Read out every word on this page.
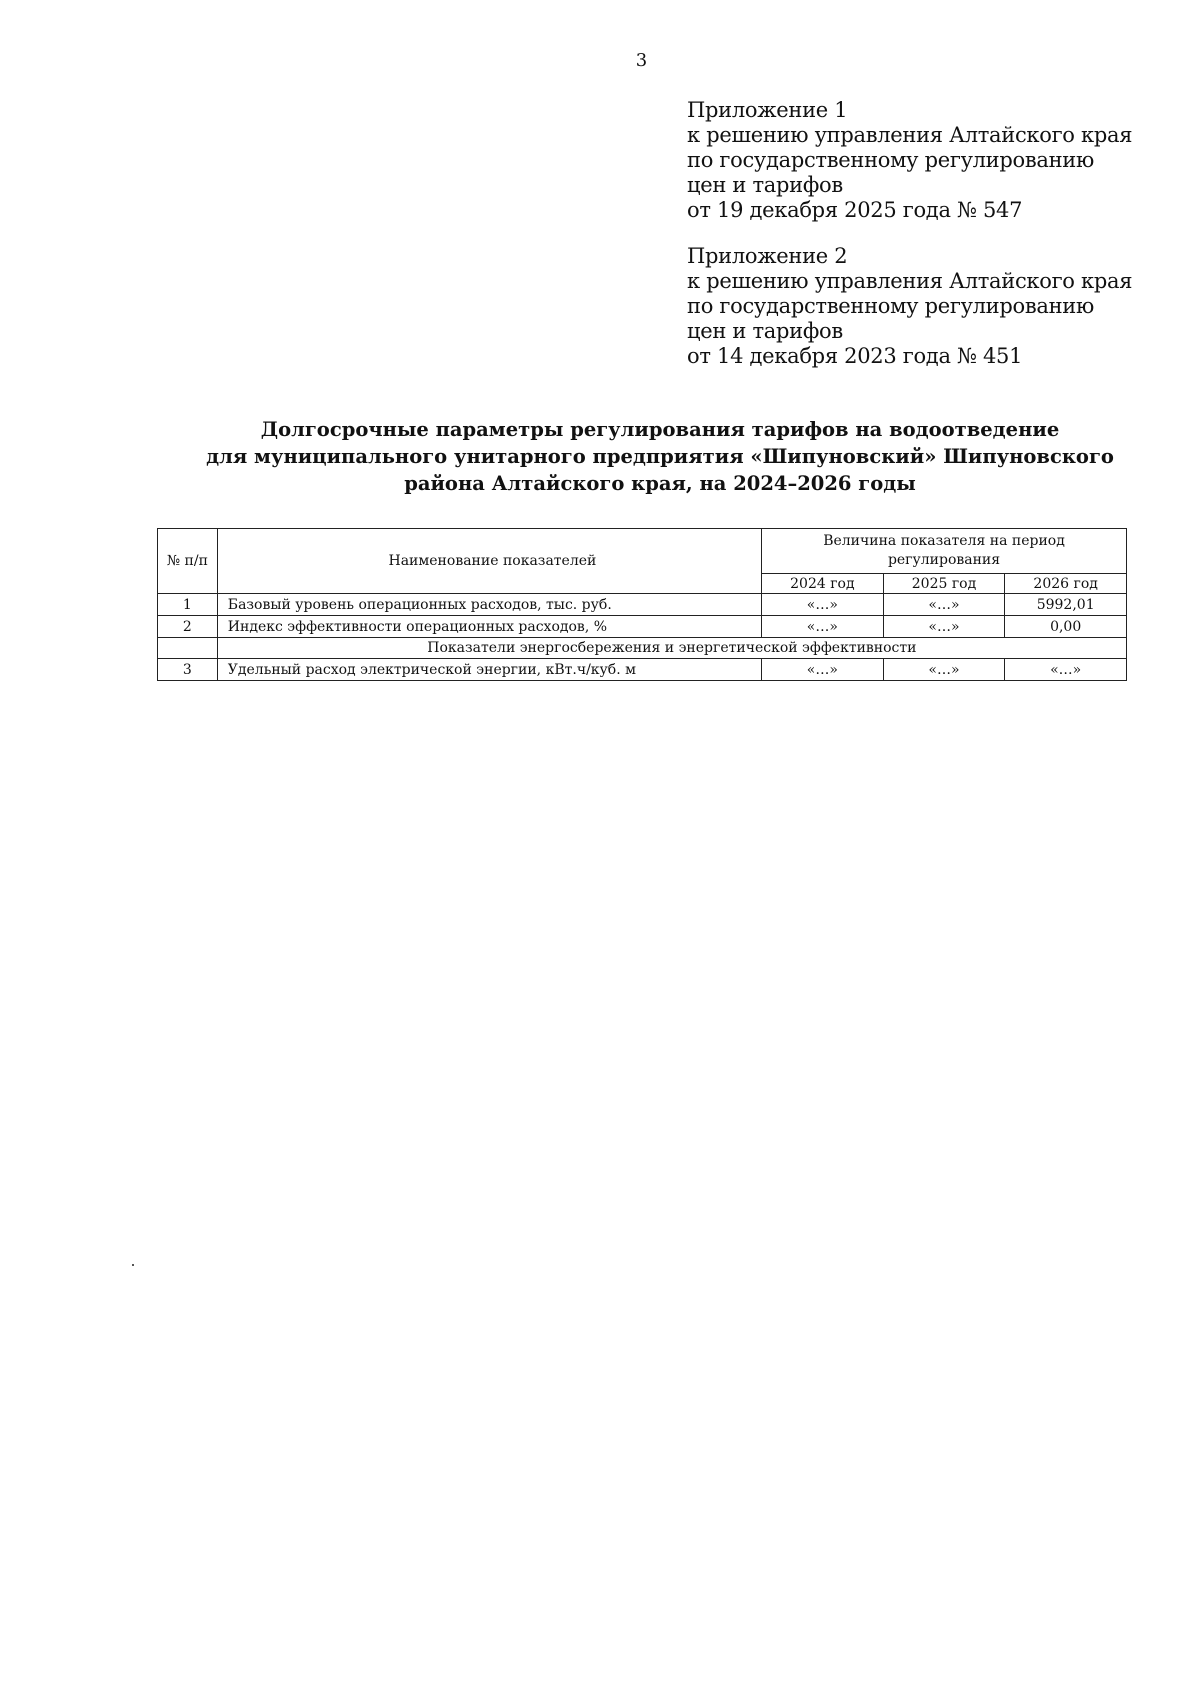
3
Приложение 1
к решению управления Алтайского края
по государственному регулированию
цен и тарифов
от 19 декабря 2025 года № 547
Приложение 2
к решению управления Алтайского края
по государственному регулированию
цен и тарифов
от 14 декабря 2023 года № 451
Долгосрочные параметры регулирования тарифов на водоотведение
для муниципального унитарного предприятия «Шипуновский» Шипуновского
района Алтайского края, на 2024–2026 годы
№ п/п	Наименование показателей	Величина показателя на период регулирования		
		2024 год	2025 год	2026 год
1	Базовый уровень операционных расходов, тыс. руб.	«…»	«…»	5992,01
2	Индекс эффективности операционных расходов, %	«…»	«…»	0,00
	Показатели энергосбережения и энергетической эффективности			
3	Удельный расход электрической энергии, кВт.ч/куб. м	«…»	«…»	«…»
